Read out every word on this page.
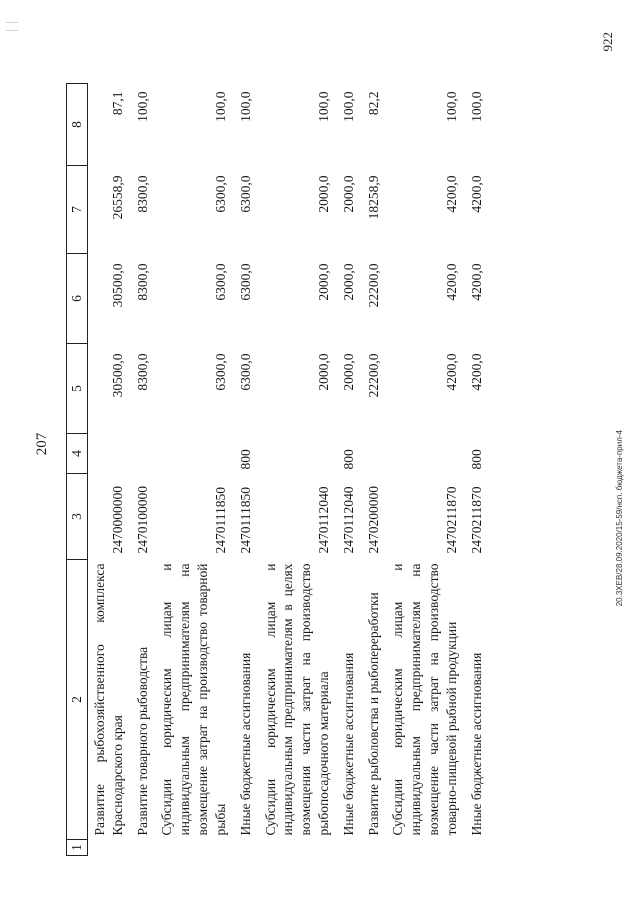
207
1	2	3	4	5	6	7	8
	Развитие рыбохозяйственного комплекса Краснодарского края	2470000000		30500,0	30500,0	26558,9	87,1
	Развитие товарного рыбоводства	2470100000		8300,0	8300,0	8300,0	100,0
	Субсидии юридическим лицам и индивидуальным предпринимателям на возмещение затрат на производство товарной рыбы	2470111850		6300,0	6300,0	6300,0	100,0
	Иные бюджетные ассигнования	2470111850	800	6300,0	6300,0	6300,0	100,0
	Субсидии юридическим лицам и индивидуальным предпринимателям в целях возмещения части затрат на производство рыбопосадочного материала	2470112040		2000,0	2000,0	2000,0	100,0
	Иные бюджетные ассигнования	2470112040	800	2000,0	2000,0	2000,0	100,0
	Развитие рыболовства и рыбопереработки	2470200000		22200,0	22200,0	18258,9	82,2
	Субсидии юридическим лицам и индивидуальным предпринимателям на возмещение части затрат на производство товарно-пищевой рыбной продукции	2470211870		4200,0	4200,0	4200,0	100,0
	Иные бюджетные ассигнования	2470211870	800	4200,0	4200,0	4200,0	100,0
922
20.3ХЕВ/28.09.2020/15-59/нсп. бюджета-прил-4
